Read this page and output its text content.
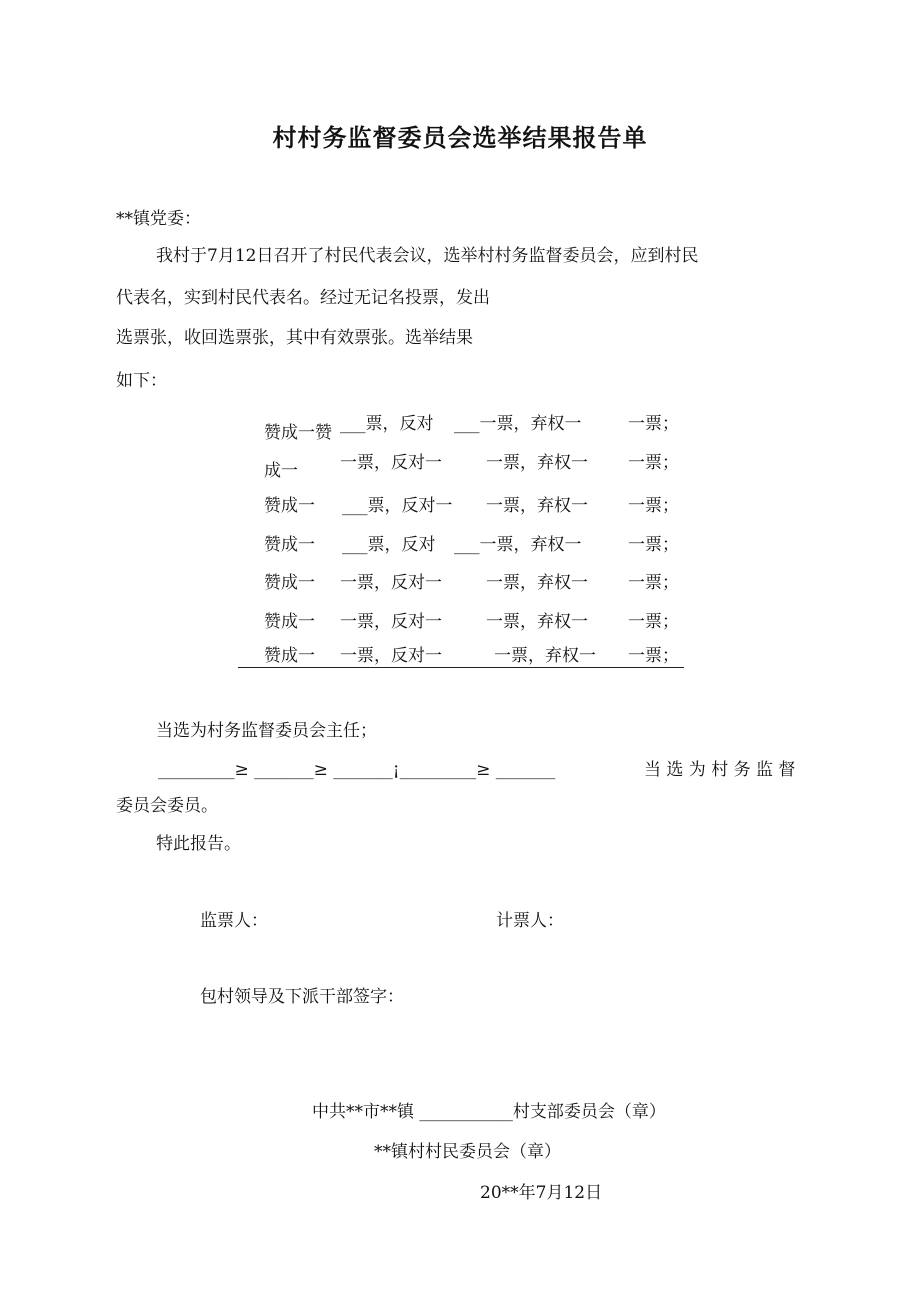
村村务监督委员会选举结果报告单
**镇党委：
我村于7月12日召开了村民代表会议，选举村村务监督委员会，应到村民
代表名，实到村民代表名。经过无记名投票，发出
选票张，收回选票张，其中有效票张。选举结果
如下：
赞成一赞 ___票，反对 ___一票，弃权一	一票；
成一 一票，反对一	一票，弃权一 一票；
赞成一 ___票，反对一 一票，弃权一 一票；
赞成一 ___票，反对 ___一票，弃权一	一票；
赞成一 一票，反对一	一票，弃权一 一票；
赞成一 一票，反对一	一票，弃权一 一票；
赞成一 一票，反对一	一票，弃权一 一票；
当选为村务监督委员会主任；
_________≥ _______≥ _______¡_________≥ _______	当 选 为 村 务 监 督
委员会委员。
特此报告。
监票人：	计票人：
包村领导及下派干部签字：
中共**市**镇 ___________村支部委员会（章）
**镇村村民委员会（章）
20**年7月12日
